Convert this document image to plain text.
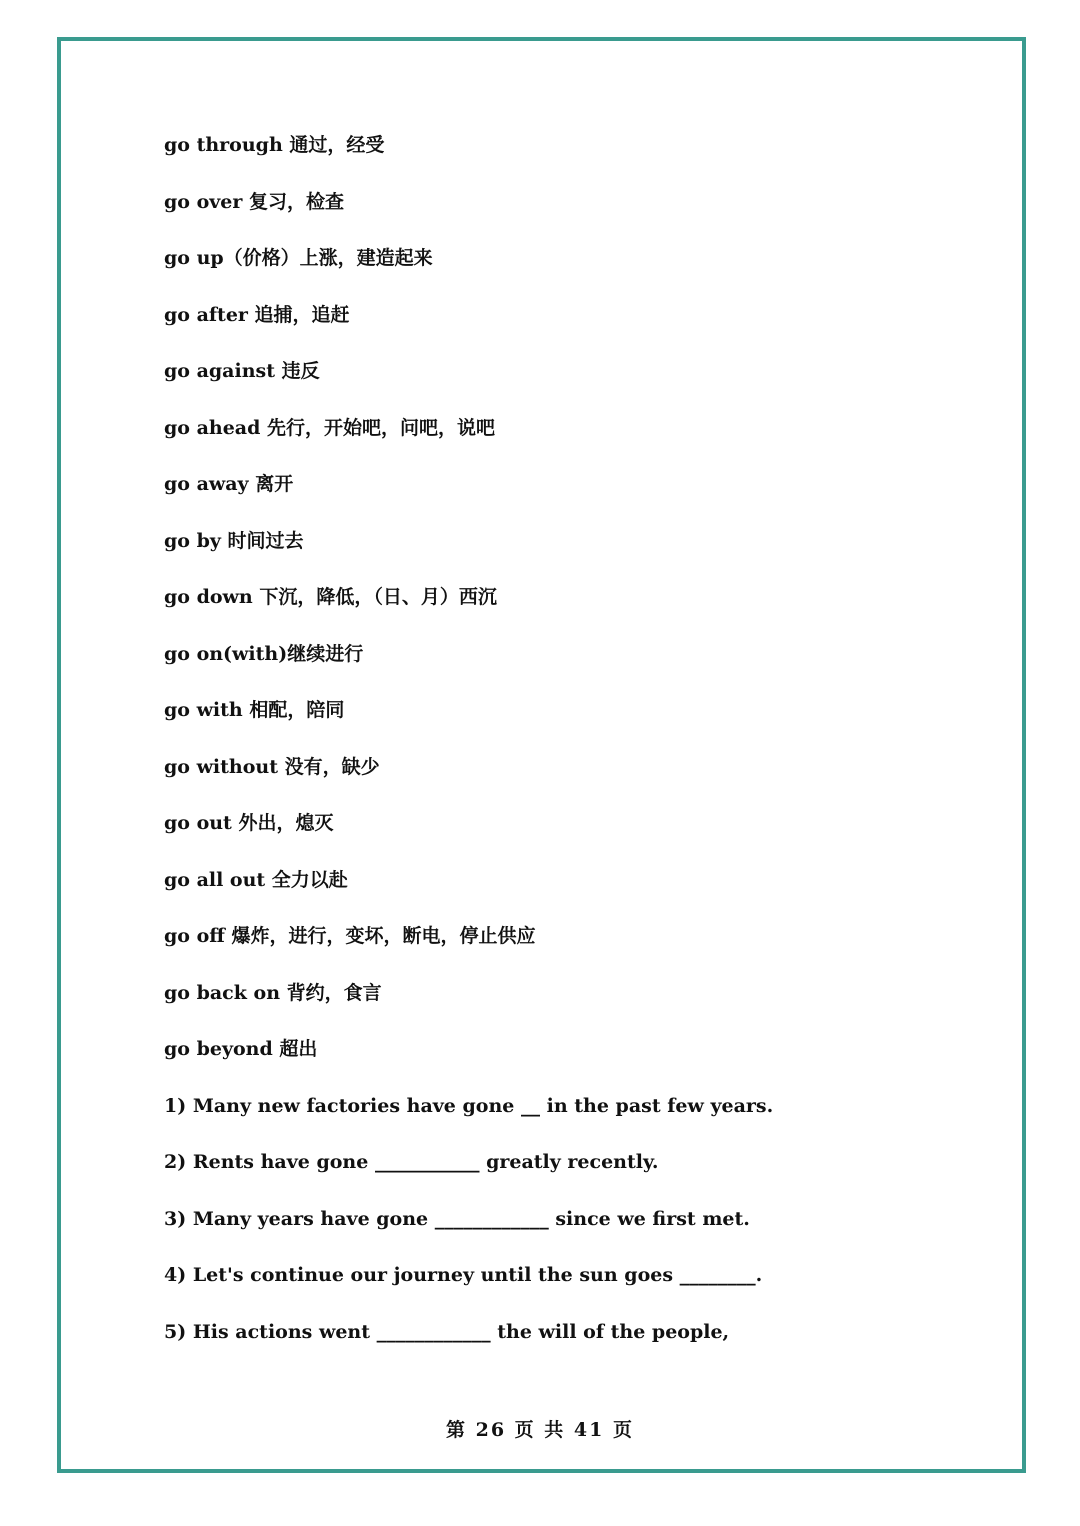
go through 通过，经受
go over 复习，检查
go up（价格）上涨，建造起来
go after 追捕，追赶
go against 违反
go ahead 先行，开始吧，问吧，说吧
go away 离开
go by 时间过去
go down 下沉，降低，（日、月）西沉
go on(with)继续进行
go with 相配，陪同
go without 没有，缺少
go out 外出，熄灭
go all out 全力以赴
go off 爆炸，进行，变坏，断电，停止供应
go back on 背约，食言
go beyond 超出
1) Many new factories have gone __ in the past few years.
2) Rents have gone ___________ greatly recently.
3) Many years have gone ____________ since we first met.
4) Let's continue our journey until the sun goes ________.
5) His actions went ____________ the will of the people,
第 26 页 共 41 页
